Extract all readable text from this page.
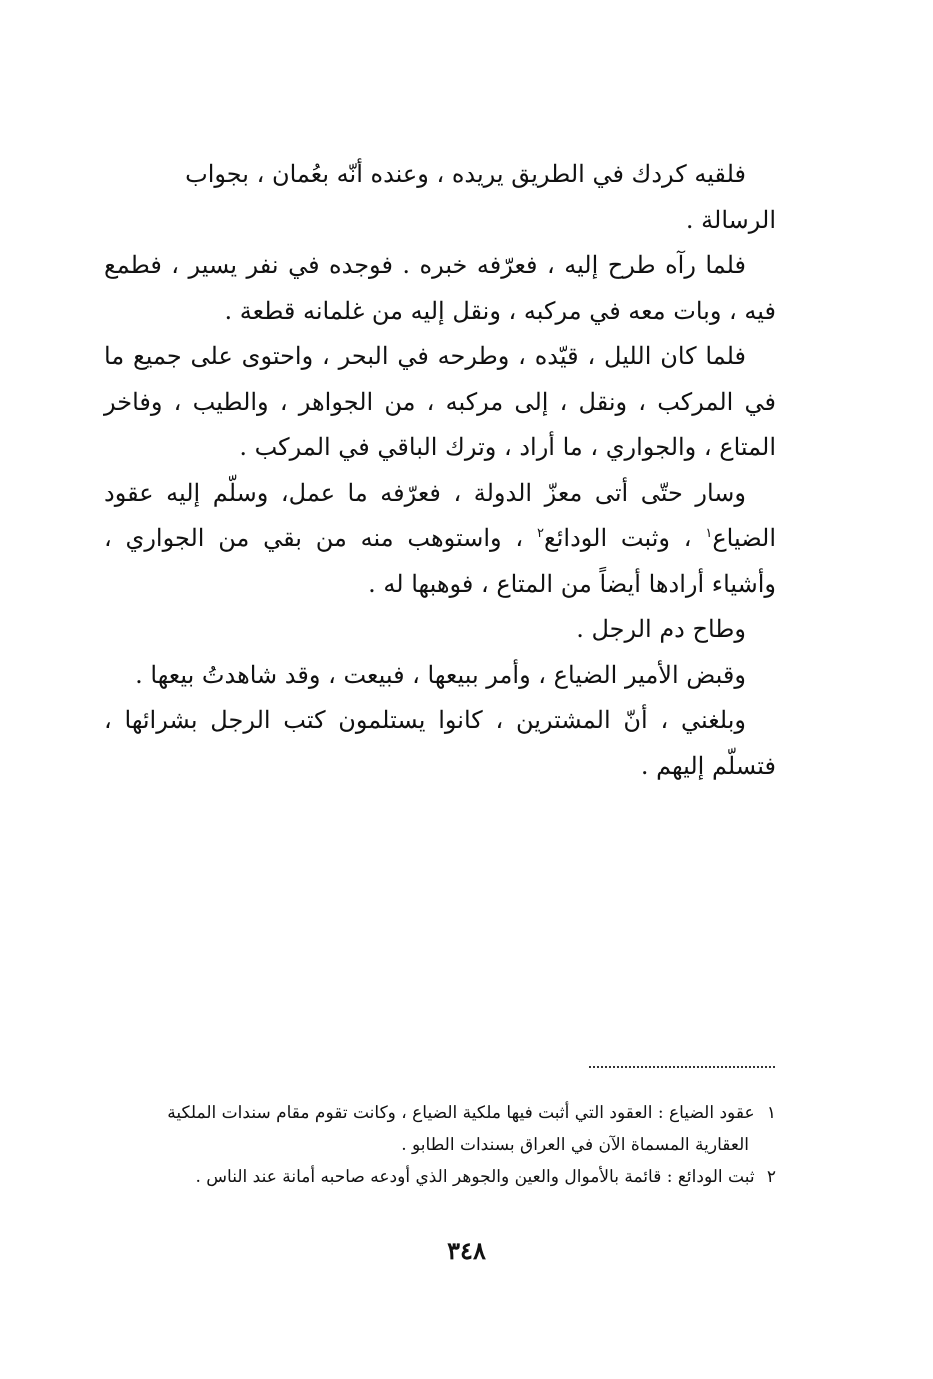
فلقيه كردك في الطريق يريده ، وعنده أنّه بعُمان ، بجواب الرسالة .

فلما رآه طرح إليه ، فعرّفه خبره . فوجده في نفر يسير ، فطمع فيه ، وبات معه في مركبه ، ونقل إليه من غلمانه قطعة .

فلما كان الليل ، قيّده ، وطرحه في البحر ، واحتوى على جميع ما في المركب ، ونقل ، إلى مركبه ، من الجواهر ، والطيب ، وفاخر المتاع ، والجواري ، ما أراد ، وترك الباقي في المركب .

وسار حتّى أتى معزّ الدولة ، فعرّفه ما عمل، وسلّم إليه عقود الضياع$^١$ ، وثبت الودائع$^٢$ ، واستوهب منه من بقي من الجواري ، وأشياء أرادها أيضاً من المتاع ، فوهبها له .

وطاح دم الرجل .

وقبض الأمير الضياع ، وأمر ببيعها ، فبيعت ، وقد شاهدتُ بيعها .

وبلغني ، أنّ المشترين ، كانوا يستلمون كتب الرجل بشرائها ، فتسلّم إليهم .

١ عقود الضياع : العقود التي أثبت فيها ملكية الضياع ، وكانت تقوم مقام سندات الملكية

العقارية المسماة الآن في العراق بسندات الطابو .

٢ ثبت الودائع : قائمة بالأموال والعين والجوهر الذي أودعه صاحبه أمانة عند الناس .

٣٤٨
